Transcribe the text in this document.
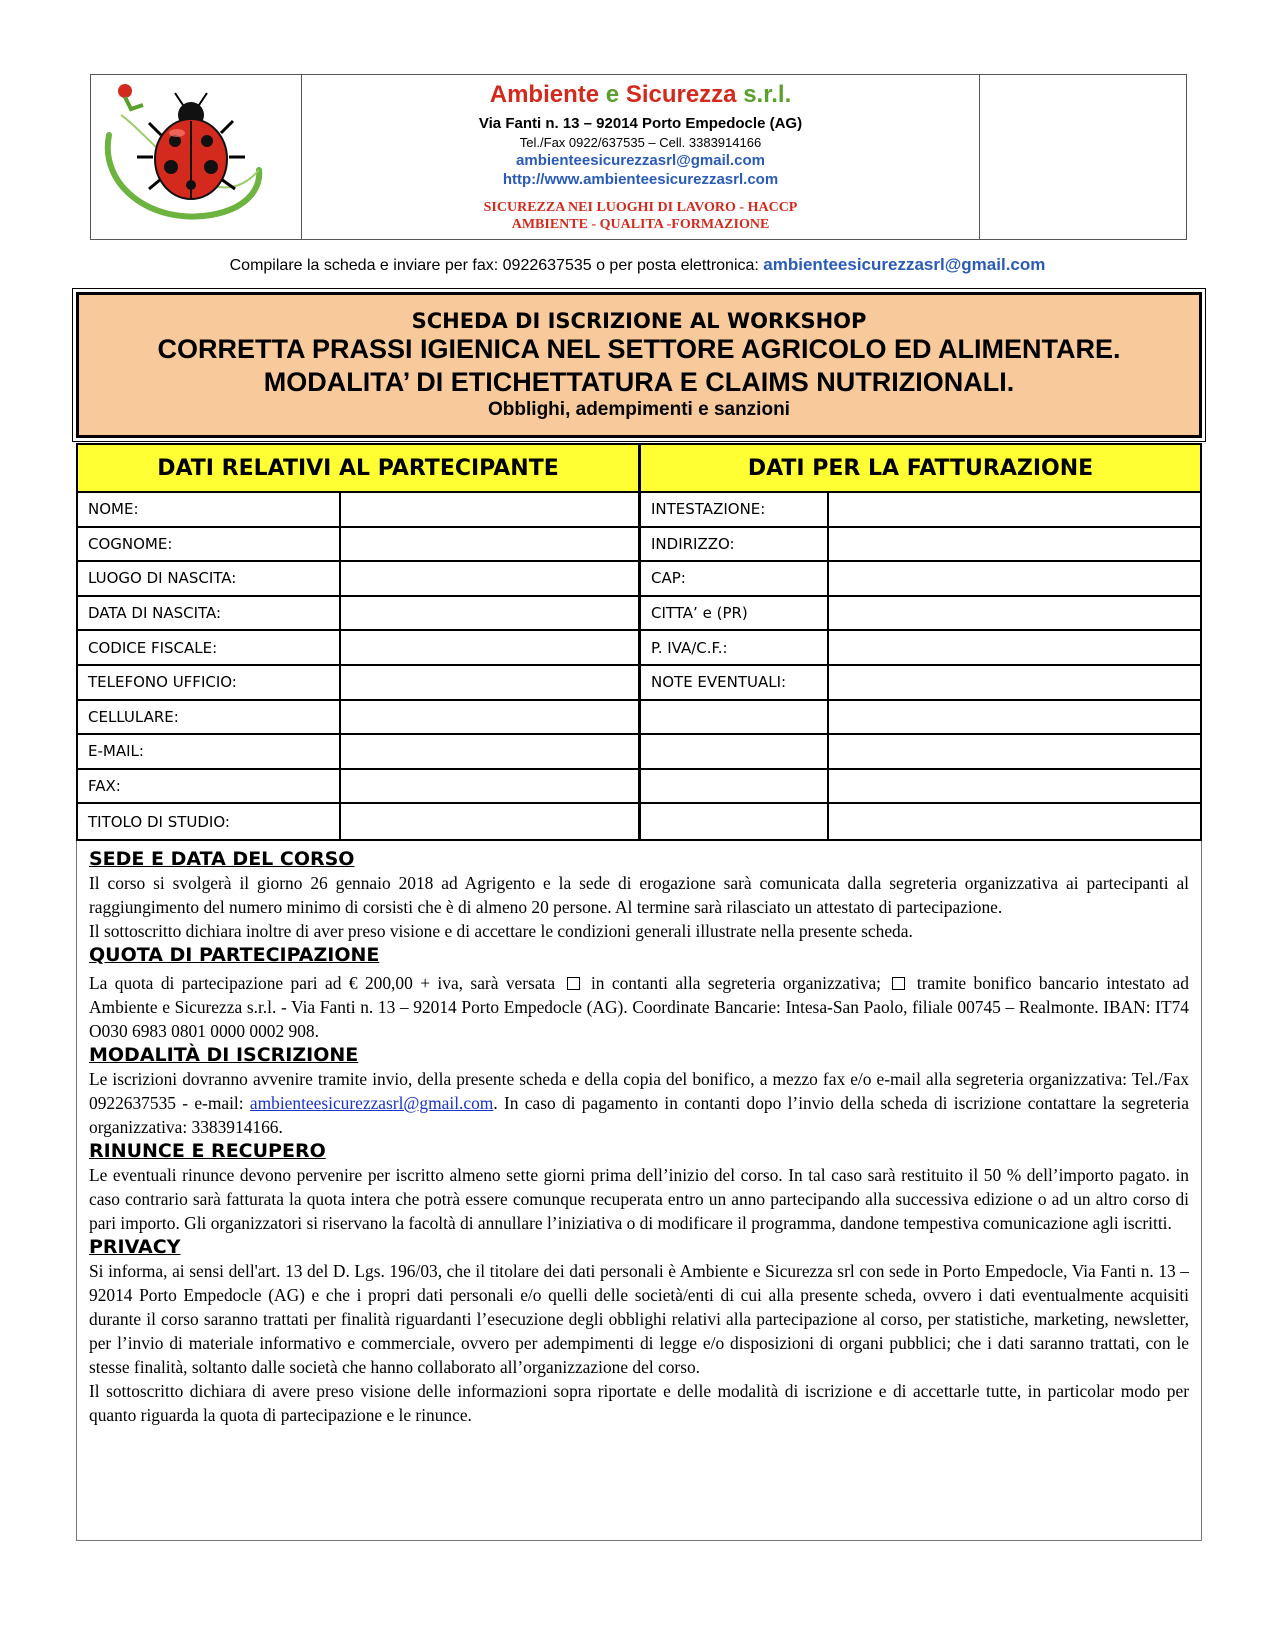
Ambiente e Sicurezza s.r.l.
Via Fanti n. 13 – 92014 Porto Empedocle (AG)
Tel./Fax 0922/637535 – Cell. 3383914166
ambienteesicurezzasrl@gmail.com
http://www.ambienteesicurezzasrl.com
SICUREZZA NEI LUOGHI DI LAVORO - HACCP
AMBIENTE - QUALITA -FORMAZIONE
Compilare la scheda e inviare per fax: 0922637535 o per posta elettronica: ambienteesicurezzasrl@gmail.com
SCHEDA DI ISCRIZIONE AL WORKSHOP
CORRETTA PRASSI IGIENICA NEL SETTORE AGRICOLO ED ALIMENTARE.
MODALITA’ DI ETICHETTATURA E CLAIMS NUTRIZIONALI.
Obblighi, adempimenti e sanzioni
DATI RELATIVI AL PARTECIPANTE	DATI PER LA FATTURAZIONE
NOME:	INTESTAZIONE:
COGNOME:	INDIRIZZO:
LUOGO DI NASCITA:	CAP:
DATA DI NASCITA:	CITTA’ e (PR)
CODICE FISCALE:	P. IVA/C.F.:
TELEFONO UFFICIO:	NOTE EVENTUALI:
CELLULARE:
E-MAIL:
FAX:
TITOLO DI STUDIO:
SEDE E DATA DEL CORSO
Il corso si svolgerà il giorno 26 gennaio 2018 ad Agrigento e la sede di erogazione sarà comunicata dalla segreteria organizzativa ai partecipanti al raggiungimento del numero minimo di corsisti che è di almeno 20 persone. Al termine sarà rilasciato un attestato di partecipazione.
Il sottoscritto dichiara inoltre di aver preso visione e di accettare le condizioni generali illustrate nella presente scheda.
QUOTA DI PARTECIPAZIONE
La quota di partecipazione pari ad € 200,00 + iva, sarà versata in contanti alla segreteria organizzativa; tramite bonifico bancario intestato ad Ambiente e Sicurezza s.r.l. - Via Fanti n. 13 – 92014 Porto Empedocle (AG). Coordinate Bancarie: Intesa-San Paolo, filiale 00745 – Realmonte. IBAN: IT74 O030 6983 0801 0000 0002 908.
MODALITÀ DI ISCRIZIONE
Le iscrizioni dovranno avvenire tramite invio, della presente scheda e della copia del bonifico, a mezzo fax e/o e-mail alla segreteria organizzativa: Tel./Fax 0922637535 - e-mail: ambienteesicurezzasrl@gmail.com. In caso di pagamento in contanti dopo l’invio della scheda di iscrizione contattare la segreteria organizzativa: 3383914166.
RINUNCE E RECUPERO
Le eventuali rinunce devono pervenire per iscritto almeno sette giorni prima dell’inizio del corso. In tal caso sarà restituito il 50 % dell’importo pagato. in caso contrario sarà fatturata la quota intera che potrà essere comunque recuperata entro un anno partecipando alla successiva edizione o ad un altro corso di pari importo. Gli organizzatori si riservano la facoltà di annullare l’iniziativa o di modificare il programma, dandone tempestiva comunicazione agli iscritti.
PRIVACY
Si informa, ai sensi dell'art. 13 del D. Lgs. 196/03, che il titolare dei dati personali è Ambiente e Sicurezza srl con sede in Porto Empedocle, Via Fanti n. 13 – 92014 Porto Empedocle (AG) e che i propri dati personali e/o quelli delle società/enti di cui alla presente scheda, ovvero i dati eventualmente acquisiti durante il corso saranno trattati per finalità riguardanti l’esecuzione degli obblighi relativi alla partecipazione al corso, per statistiche, marketing, newsletter, per l’invio di materiale informativo e commerciale, ovvero per adempimenti di legge e/o disposizioni di organi pubblici; che i dati saranno trattati, con le stesse finalità, soltanto dalle società che hanno collaborato all’organizzazione del corso.
Il sottoscritto dichiara di avere preso visione delle informazioni sopra riportate e delle modalità di iscrizione e di accettarle tutte, in particolar modo per quanto riguarda la quota di partecipazione e le rinunce.
